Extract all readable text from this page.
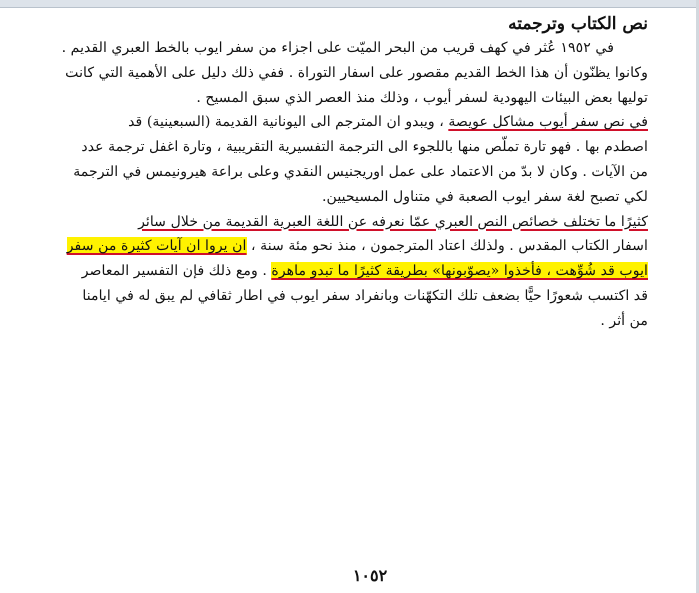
نص الكتاب وترجمته
في ١٩٥٢ عُثر في كهف قريب من البحر الميّت على اجزاء من سفر ايوب بالخط العبري القديم .
وكانوا يظنّون أن هذا الخط القديم مقصور على اسفار التوراة . ففي ذلك دليل على الأهمية التي كانت
توليها بعض البيئات اليهودية لسفر أيوب ، وذلك منذ العصر الذي سبق المسيح .
في نص سفر أيوب مشاكل عويصة ، ويبدو ان المترجم الى اليونانية القديمة (السبعينية) قد
اصطدم بها . فهو تارة تملّص منها باللجوء الى الترجمة التفسيرية التقريبية ، وتارة اغفل ترجمة عدد
من الآيات . وكان لا بدّ من الاعتماد على عمل اوريجنيس النقدي وعلى براعة هيرونيمس في الترجمة
لكي تصبح لغة سفر ايوب الصعبة في متناول المسيحيين.
كثيرًا ما تختلف خصائص النص العبري عمّا نعرفه عن اللغة العبرية القديمة من خلال سائر
اسفار الكتاب المقدس . ولذلك اعتاد المترجمون ، منذ نحو مئة سنة ، ان يروا ان آيات كثيرة من سفر
ايوب قد شُوِّهت ، فأخذوا «يصوّبونها» بطريقة كثيرًا ما تبدو ماهرة . ومع ذلك فإن التفسير المعاصر
قد اكتسب شعورًا حيًّا بضعف تلك التكهّنات وبانفراد سفر ايوب في اطار ثقافي لم يبق له في ايامنا
من أثر .
١٠٥٢
